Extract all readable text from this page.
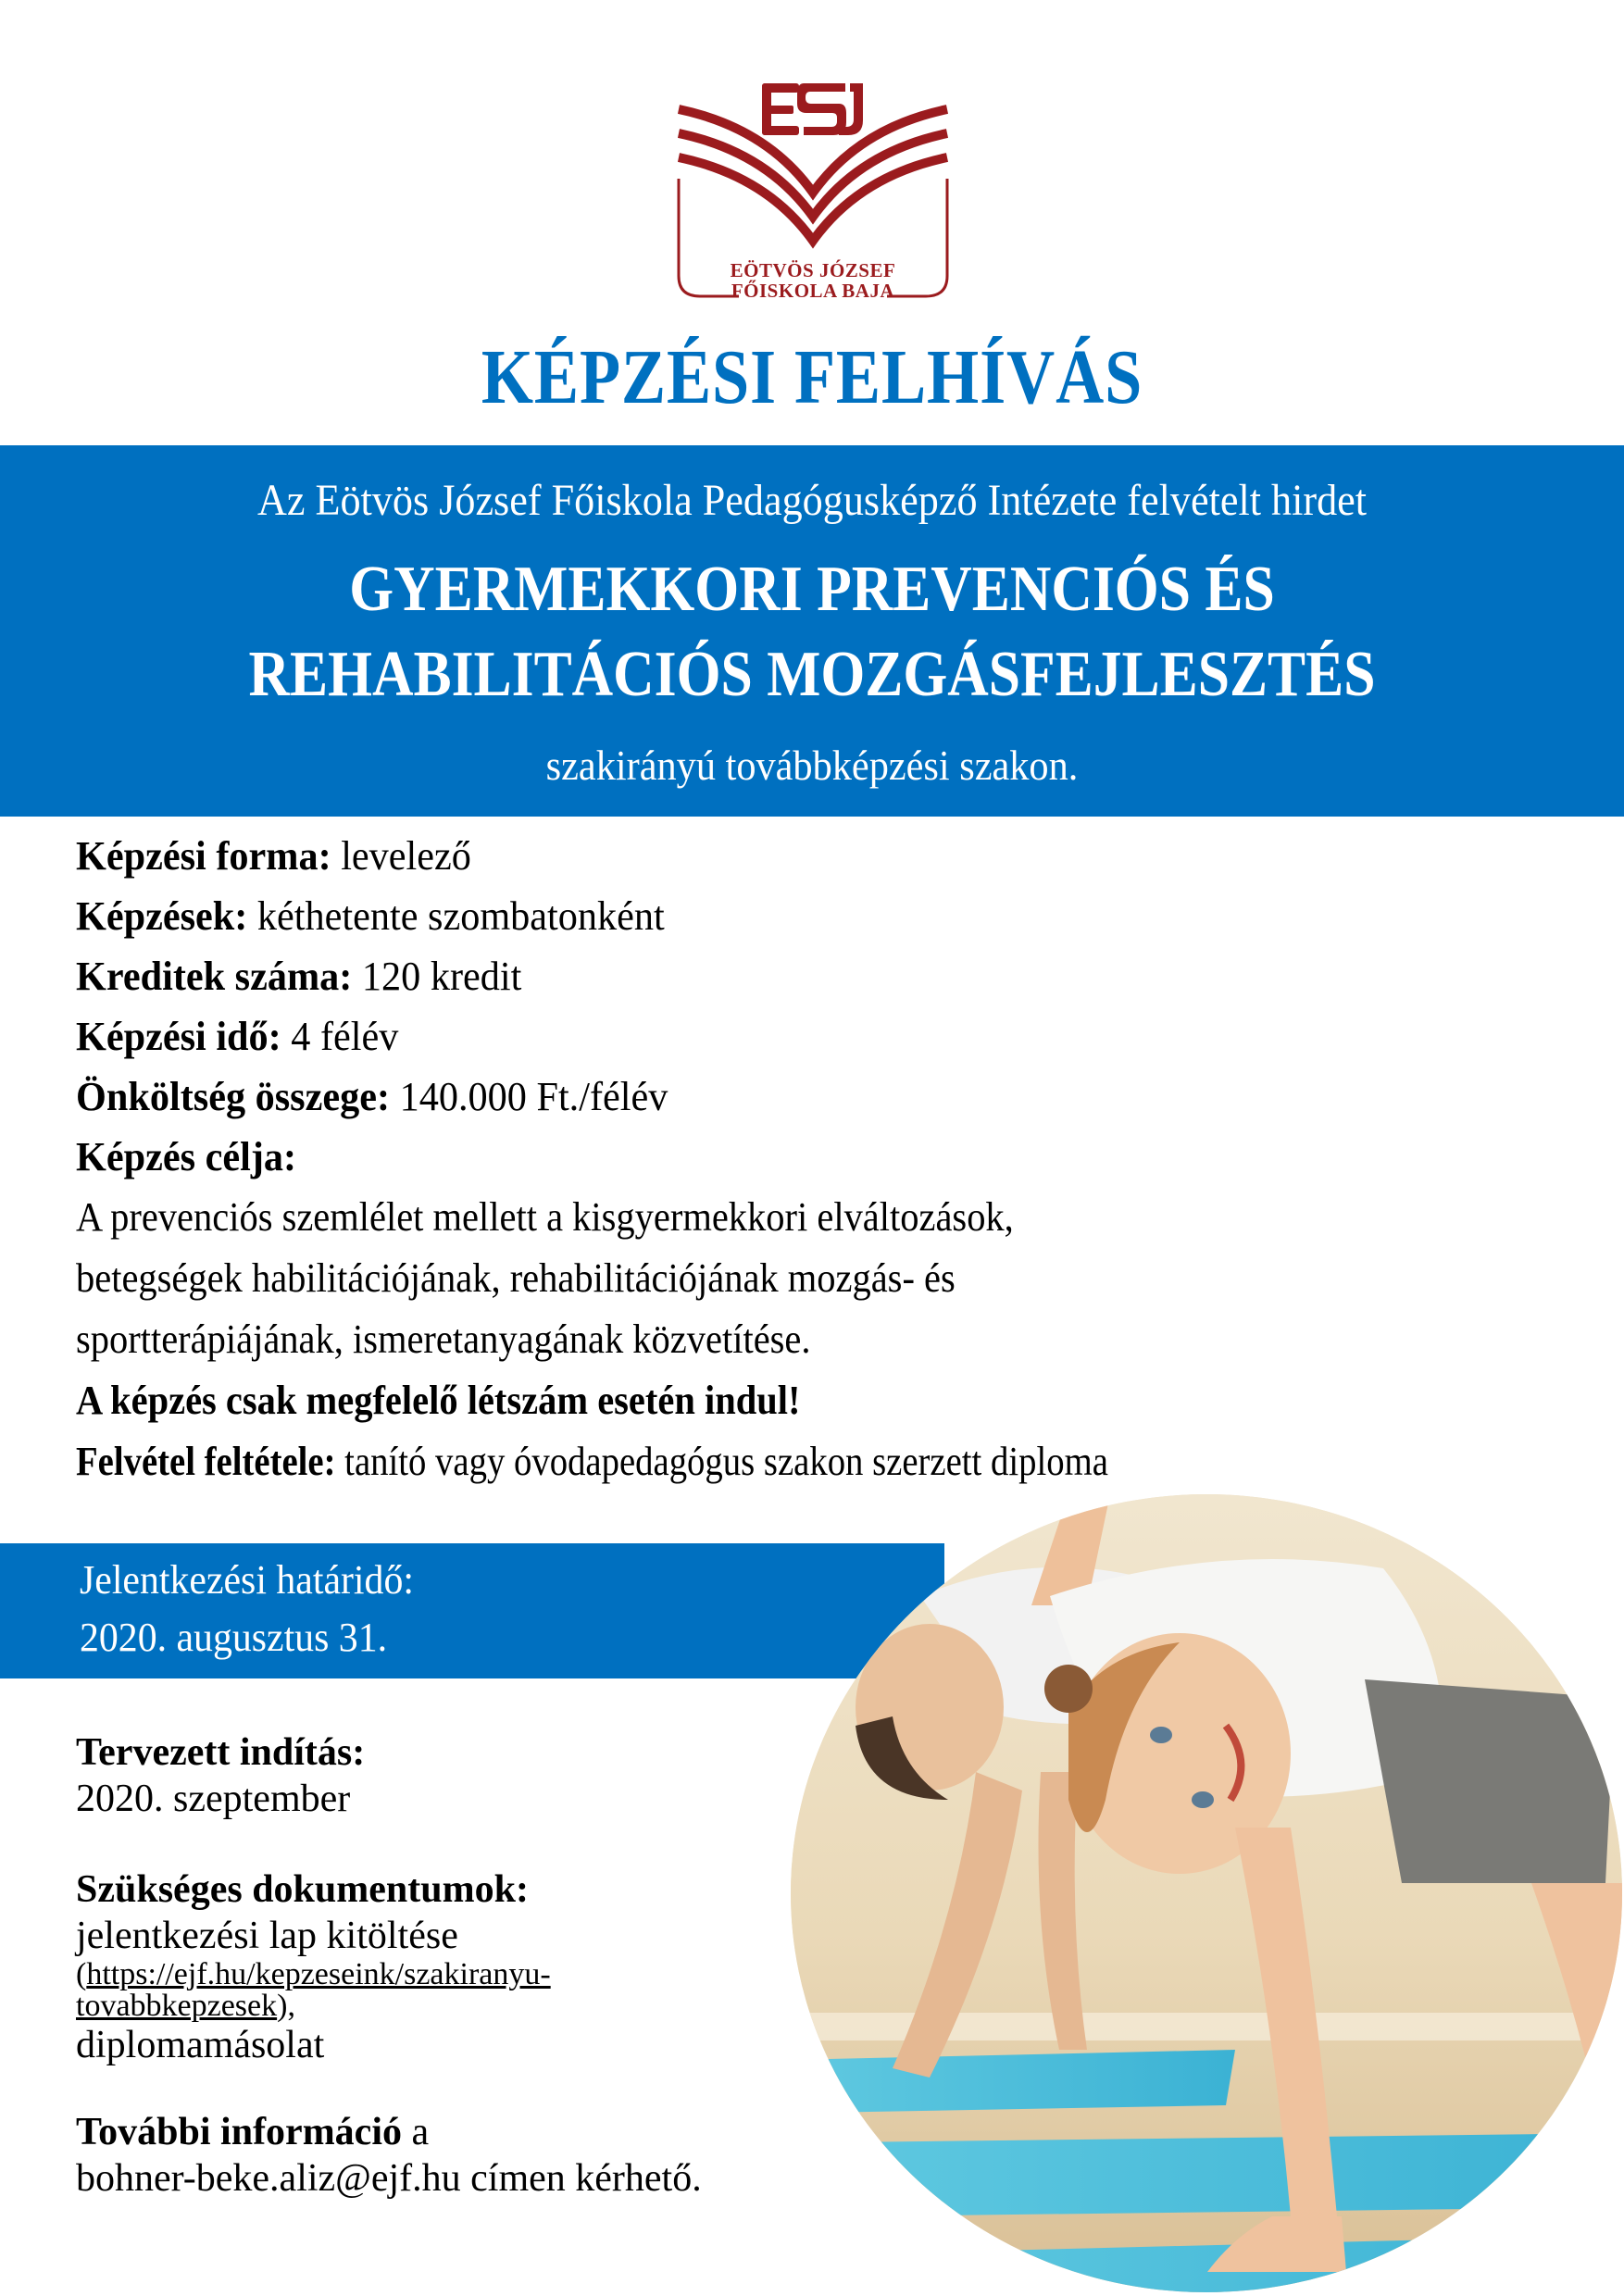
EÖTVÖS JÓZSEF
FŐISKOLA BAJA
KÉPZÉSI FELHÍVÁS
Az Eötvös József Főiskola Pedagógusképző Intézete felvételt hirdet
GYERMEKKORI PREVENCIÓS ÉS
REHABILITÁCIÓS MOZGÁSFEJLESZTÉS
szakirányú továbbképzési szakon.
Képzési forma: levelező
Képzések: kéthetente szombatonként
Kreditek száma: 120 kredit
Képzési idő: 4 félév
Önköltség összege: 140.000 Ft./félév
Képzés célja:
A prevenciós szemlélet mellett a kisgyermekkori elváltozások,
betegségek habilitációjának, rehabilitációjának mozgás- és
sportterápiájának, ismeretanyagának közvetítése.
A képzés csak megfelelő létszám esetén indul!
Felvétel feltétele: tanító vagy óvodapedagógus szakon szerzett diploma
Jelentkezési határidő:
2020. augusztus 31.
Tervezett indítás:
2020. szeptember
Szükséges dokumentumok:
jelentkezési lap kitöltése
(https://ejf.hu/kepzeseink/szakiranyu-
tovabbkepzesek),
diplomamásolat
További információ a
bohner-beke.aliz@ejf.hu címen kérhető.
